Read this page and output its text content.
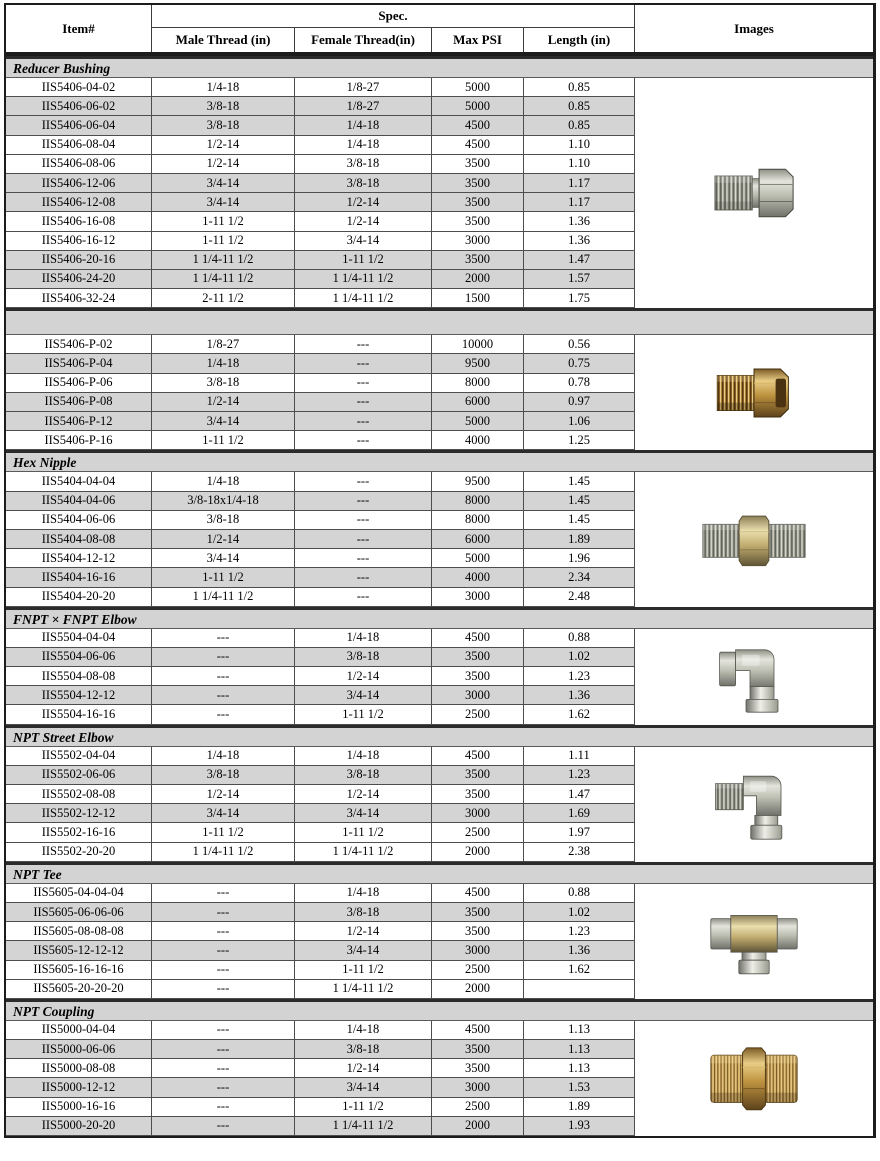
Item#
Spec.
Male Thread (in)	Female Thread(in)	Max PSI	Length (in)
Images
Reducer Bushing
IIS5406-04-02	1/4-18	1/8-27	5000	0.85
IIS5406-06-02	3/8-18	1/8-27	5000	0.85
IIS5406-06-04	3/8-18	1/4-18	4500	0.85
IIS5406-08-04	1/2-14	1/4-18	4500	1.10
IIS5406-08-06	1/2-14	3/8-18	3500	1.10
IIS5406-12-06	3/4-14	3/8-18	3500	1.17
IIS5406-12-08	3/4-14	1/2-14	3500	1.17
IIS5406-16-08	1-11 1/2	1/2-14	3500	1.36
IIS5406-16-12	1-11 1/2	3/4-14	3000	1.36
IIS5406-20-16	1 1/4-11 1/2	1-11 1/2	3500	1.47
IIS5406-24-20	1 1/4-11 1/2	1 1/4-11 1/2	2000	1.57
IIS5406-32-24	2-11 1/2	1 1/4-11 1/2	1500	1.75
IIS5406-P-02	1/8-27	---	10000	0.56
IIS5406-P-04	1/4-18	---	9500	0.75
IIS5406-P-06	3/8-18	---	8000	0.78
IIS5406-P-08	1/2-14	---	6000	0.97
IIS5406-P-12	3/4-14	---	5000	1.06
IIS5406-P-16	1-11 1/2	---	4000	1.25
Hex Nipple
IIS5404-04-04	1/4-18	---	9500	1.45
IIS5404-04-06	3/8-18x1/4-18	---	8000	1.45
IIS5404-06-06	3/8-18	---	8000	1.45
IIS5404-08-08	1/2-14	---	6000	1.89
IIS5404-12-12	3/4-14	---	5000	1.96
IIS5404-16-16	1-11 1/2	---	4000	2.34
IIS5404-20-20	1 1/4-11 1/2	---	3000	2.48
FNPT × FNPT Elbow
IIS5504-04-04	---	1/4-18	4500	0.88
IIS5504-06-06	---	3/8-18	3500	1.02
IIS5504-08-08	---	1/2-14	3500	1.23
IIS5504-12-12	---	3/4-14	3000	1.36
IIS5504-16-16	---	1-11 1/2	2500	1.62
NPT Street Elbow
IIS5502-04-04	1/4-18	1/4-18	4500	1.11
IIS5502-06-06	3/8-18	3/8-18	3500	1.23
IIS5502-08-08	1/2-14	1/2-14	3500	1.47
IIS5502-12-12	3/4-14	3/4-14	3000	1.69
IIS5502-16-16	1-11 1/2	1-11 1/2	2500	1.97
IIS5502-20-20	1 1/4-11 1/2	1 1/4-11 1/2	2000	2.38
NPT Tee
IIS5605-04-04-04	---	1/4-18	4500	0.88
IIS5605-06-06-06	---	3/8-18	3500	1.02
IIS5605-08-08-08	---	1/2-14	3500	1.23
IIS5605-12-12-12	---	3/4-14	3000	1.36
IIS5605-16-16-16	---	1-11 1/2	2500	1.62
IIS5605-20-20-20	---	1 1/4-11 1/2	2000
NPT Coupling
IIS5000-04-04	---	1/4-18	4500	1.13
IIS5000-06-06	---	3/8-18	3500	1.13
IIS5000-08-08	---	1/2-14	3500	1.13
IIS5000-12-12	---	3/4-14	3000	1.53
IIS5000-16-16	---	1-11 1/2	2500	1.89
IIS5000-20-20	---	1 1/4-11 1/2	2000	1.93
